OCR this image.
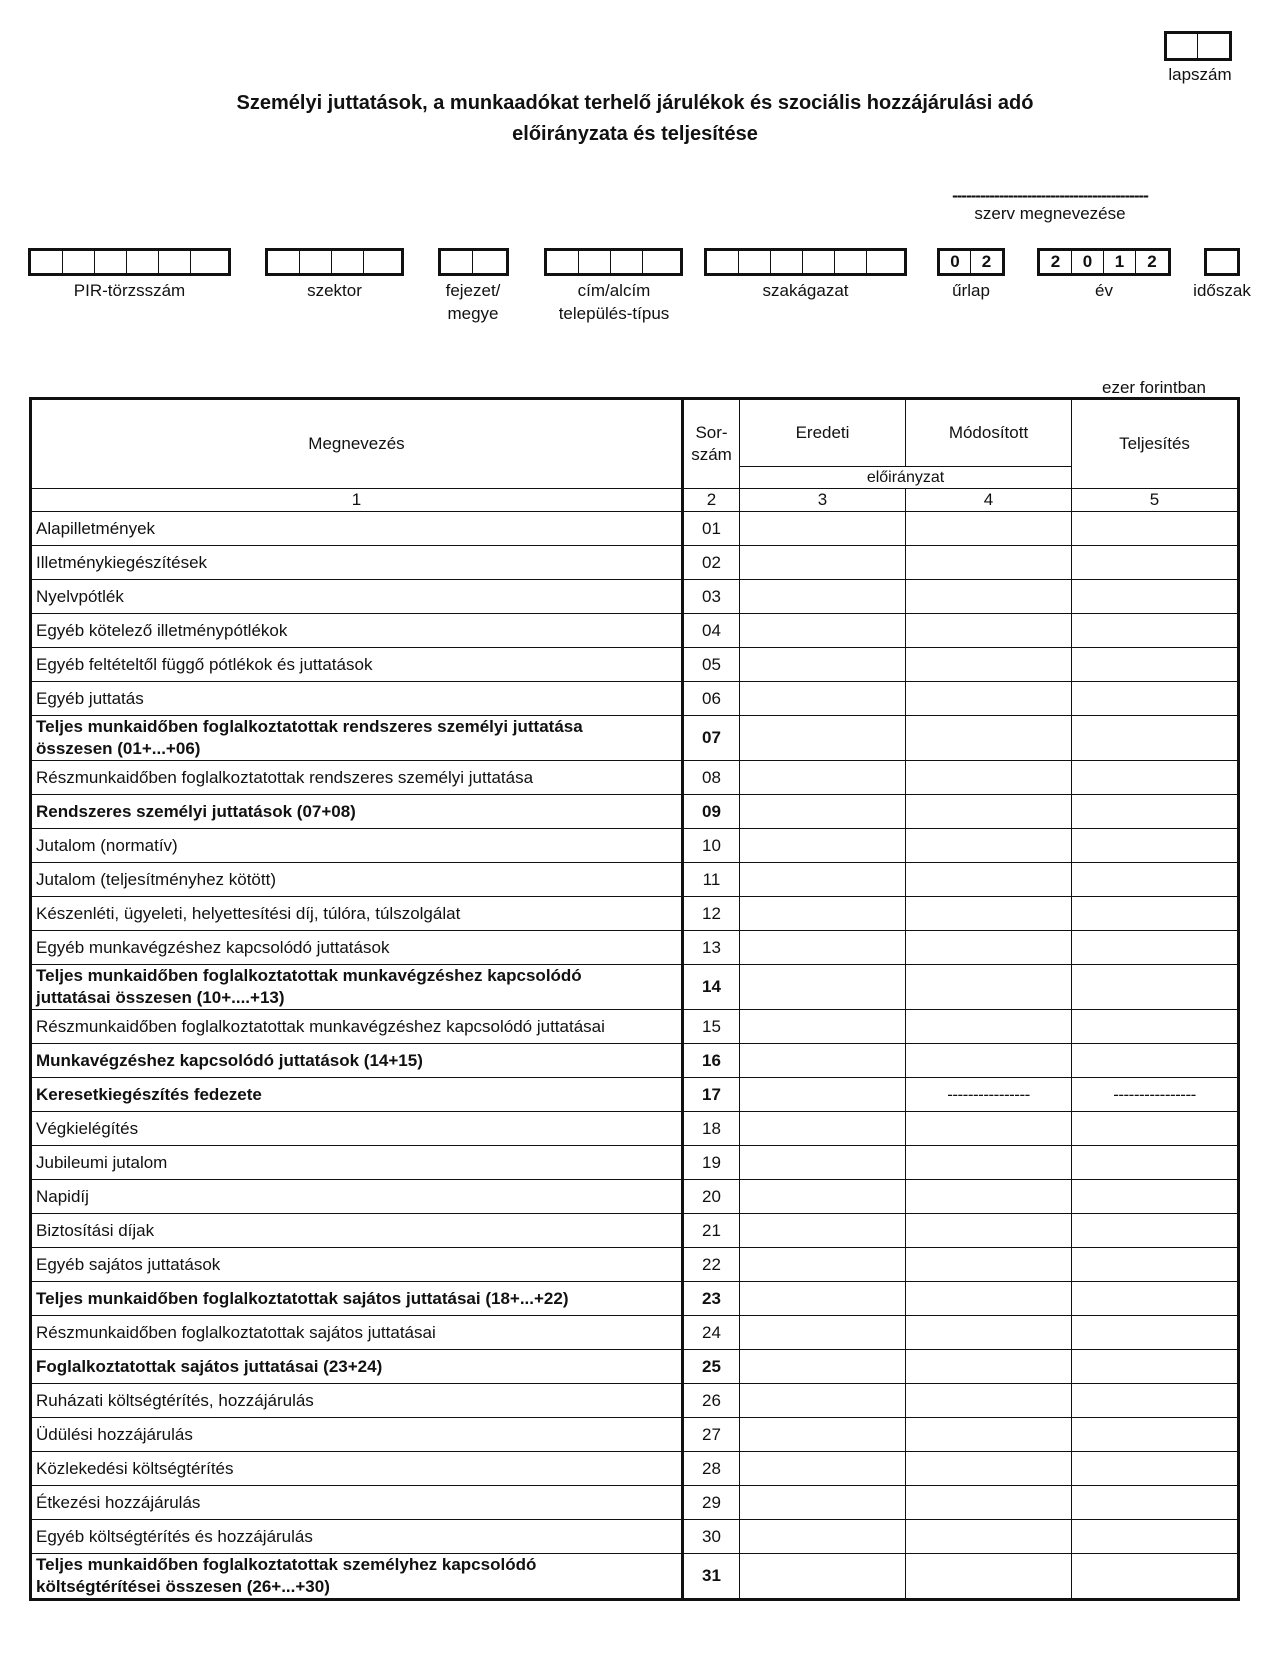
lapszám
Személyi juttatások, a munkaadókat terhelő járulékok és szociális hozzájárulási adó
előirányzata és teljesítése
------------------------------------------
szerv megnevezése
PIR-törzsszám	szektor	fejezet/
megye
cím/alcím
település-típus
szakágazat
0	2
űrlap
2	0	1	2
év	időszak
ezer forintban
Megnevezés	Sor-
szám	Eredeti	Módosított	Teljesítés
		előirányzat		
1	2	3	4	5
Alapilletmények	01			
Illetménykiegészítések	02			
Nyelvpótlék	03			
Egyéb kötelező illetménypótlékok	04			
Egyéb feltételtől függő pótlékok és juttatások	05			
Egyéb juttatás	06			

Teljes munkaidőben foglalkoztatottak rendszeres személyi juttatása
összesen (01+...+06)	07			
Részmunkaidőben foglalkoztatottak rendszeres személyi juttatása	08			
Rendszeres személyi juttatások (07+08)	09			
Jutalom (normatív)	10			
Jutalom (teljesítményhez kötött)	11			
Készenléti, ügyeleti, helyettesítési díj, túlóra, túlszolgálat	12			
Egyéb munkavégzéshez kapcsolódó juttatások	13			

Teljes munkaidőben foglalkoztatottak munkavégzéshez kapcsolódó
juttatásai összesen (10+....+13)	14			
Részmunkaidőben foglalkoztatottak munkavégzéshez kapcsolódó juttatásai	15			
Munkavégzéshez kapcsolódó juttatások (14+15)	16			
Keresetkiegészítés fedezete	17		----------------	----------------
Végkielégítés	18			
Jubileumi jutalom	19			
Napidíj	20			
Biztosítási díjak	21			
Egyéb sajátos juttatások	22			
Teljes munkaidőben foglalkoztatottak sajátos juttatásai (18+...+22)	23			
Részmunkaidőben foglalkoztatottak sajátos juttatásai	24			
Foglalkoztatottak sajátos juttatásai (23+24)	25			
Ruházati költségtérítés, hozzájárulás	26			
Üdülési hozzájárulás	27			
Közlekedési költségtérítés	28			
Étkezési hozzájárulás	29			
Egyéb költségtérítés és hozzájárulás	30			

Teljes munkaidőben foglalkoztatottak személyhez kapcsolódó
költségtérítései összesen (26+...+30)	31			
